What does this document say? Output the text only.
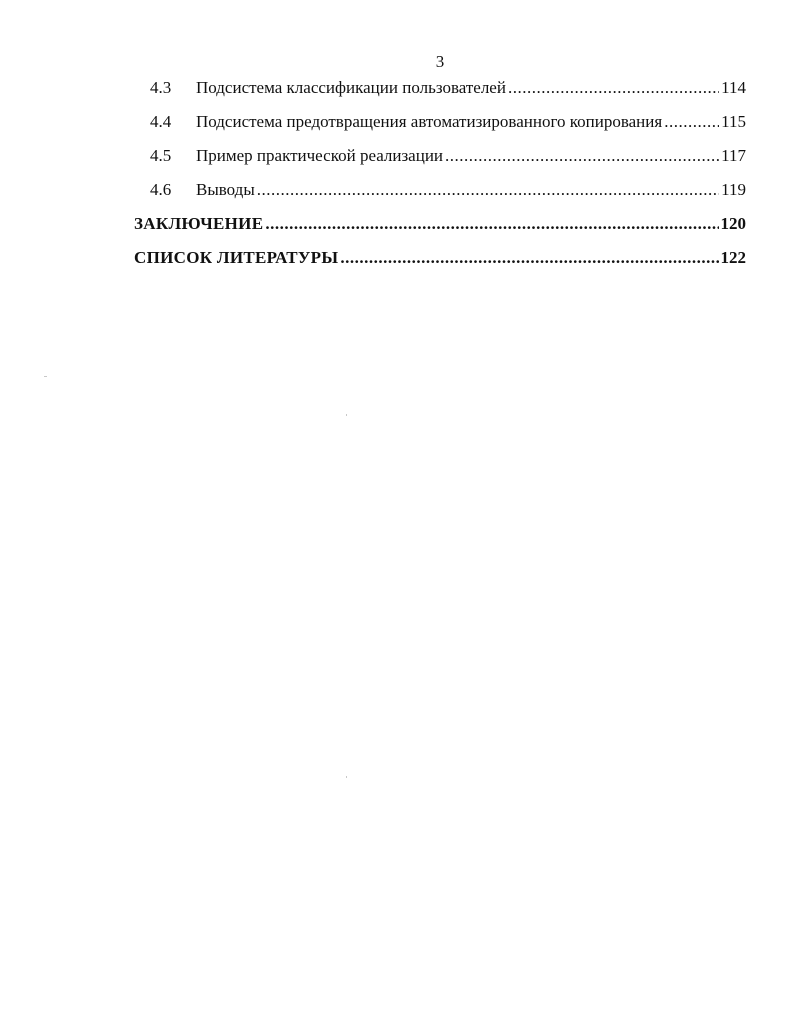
3
4.3	Подсистема классификации пользователей .....	114
4.4	Подсистема предотвращения автоматизированного копирования .....	115
4.5	Пример практической реализации .....	117
4.6	Выводы .....	119
ЗАКЛЮЧЕНИЕ .....	120
СПИСОК ЛИТЕРАТУРЫ .....	122
